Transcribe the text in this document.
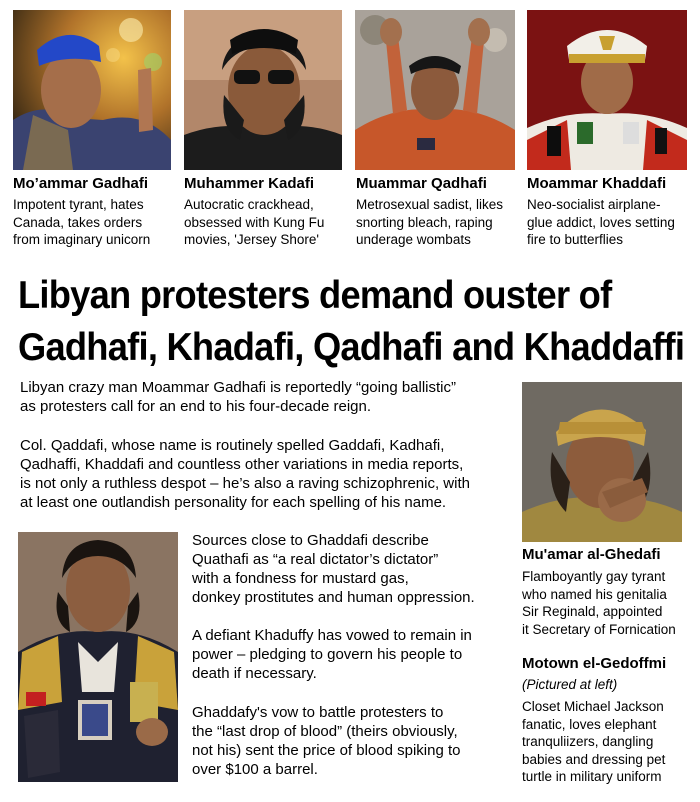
Mo’ammar Gadhafi
Impotent tyrant, hates
Canada, takes orders
from imaginary unicorn
Muhammer Kadafi
Autocratic crackhead,
obsessed with Kung Fu
movies, 'Jersey Shore'
Muammar Qadhafi
Metrosexual sadist, likes
snorting bleach, raping
underage wombats
Moammar Khaddafi
Neo-socialist airplane-
glue addict, loves setting
fire to butterflies
Libyan protesters demand ouster of
Gadhafi, Khadafi, Qadhafi and Khaddaffi
Libyan crazy man Moammar Gadhafi is reportedly “going ballistic”
as protesters call for an end to his four-decade reign.
Col. Qaddafi, whose name is routinely spelled Gaddafi, Kadhafi,
Qadhaffi, Khaddafi and countless other variations in media reports,
is not only a ruthless despot – he’s also a raving schizophrenic, with
at least one outlandish personality for each spelling of his name.
Sources close to Ghaddafi describe
Quathafi as “a real dictator’s dictator”
with a fondness for mustard gas,
donkey prostitutes and human oppression.
A defiant Khaduffy has vowed to remain in
power – pledging to govern his people to
death if necessary.
Ghaddafy's vow to battle protesters to
the “last drop of blood” (theirs obviously,
not his) sent the price of blood spiking to
over $100 a barrel.
Mu'amar al-Ghedafi
Flamboyantly gay tyrant
who named his genitalia
Sir Reginald, appointed
it Secretary of Fornication
Motown el-Gedoffmi
(Pictured at left)
Closet Michael Jackson
fanatic, loves elephant
tranquliizers, dangling
babies and dressing pet
turtle in military uniform
